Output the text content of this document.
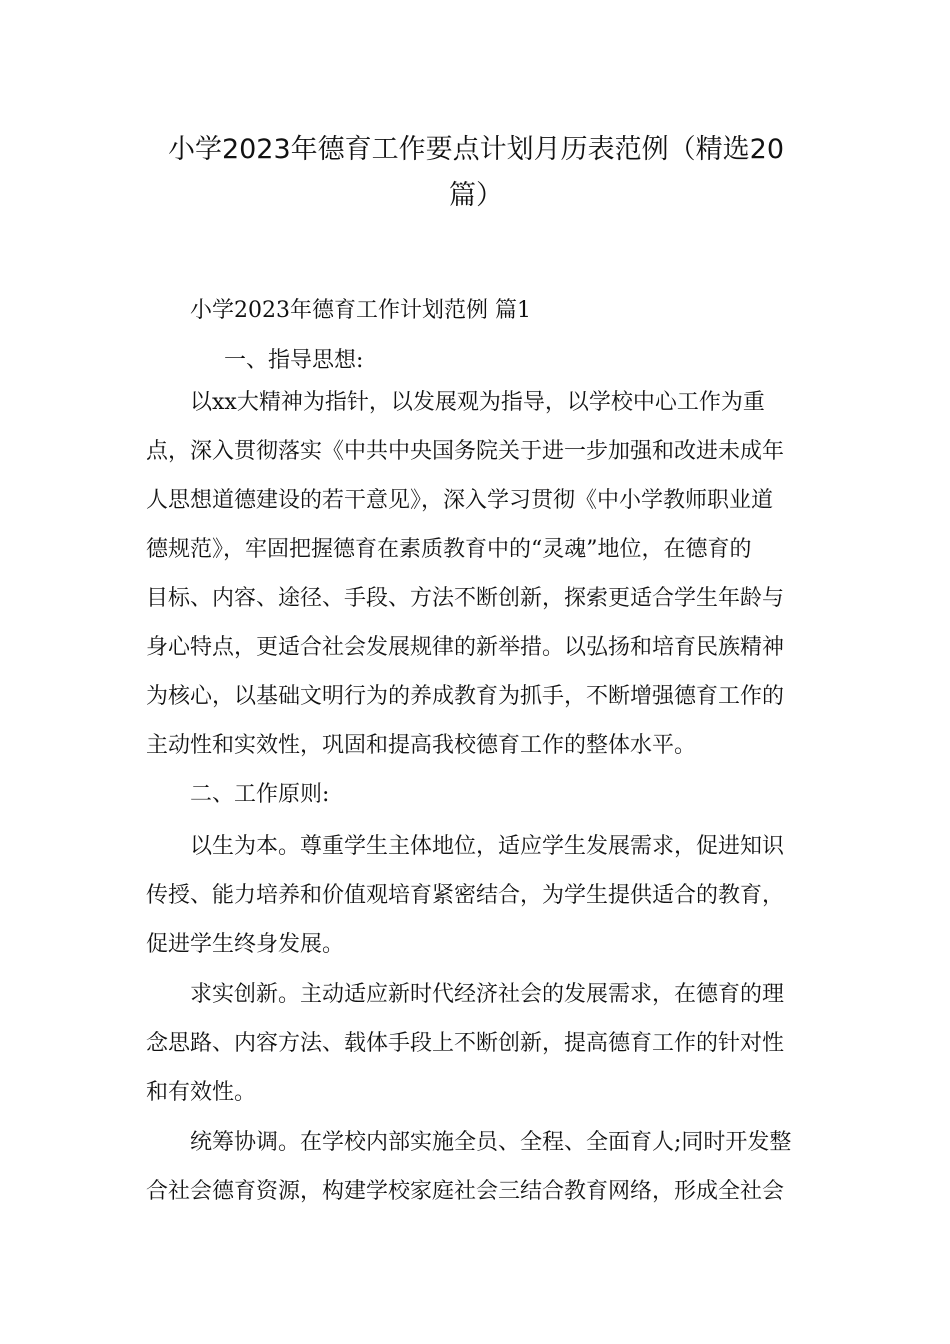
小学2023年德育工作要点计划月历表范例（精选20
篇）

小学2023年德育工作计划范例 篇1

一、指导思想:

以xx大精神为指针，以发展观为指导，以学校中心工作为重
点，深入贯彻落实《中共中央国务院关于进一步加强和改进未成年
人思想道德建设的若干意见》，深入学习贯彻《中小学教师职业道
德规范》，牢固把握德育在素质教育中的“灵魂”地位，在德育的
目标、内容、途径、手段、方法不断创新，探索更适合学生年龄与
身心特点，更适合社会发展规律的新举措。以弘扬和培育民族精神
为核心，以基础文明行为的养成教育为抓手，不断增强德育工作的
主动性和实效性，巩固和提高我校德育工作的整体水平。

二、工作原则:

以生为本。尊重学生主体地位，适应学生发展需求，促进知识
传授、能力培养和价值观培育紧密结合，为学生提供适合的教育，
促进学生终身发展。
求实创新。主动适应新时代经济社会的发展需求，在德育的理
念思路、内容方法、载体手段上不断创新，提高德育工作的针对性
和有效性。
统筹协调。在学校内部实施全员、全程、全面育人;同时开发整
合社会德育资源，构建学校家庭社会三结合教育网络，形成全社会
